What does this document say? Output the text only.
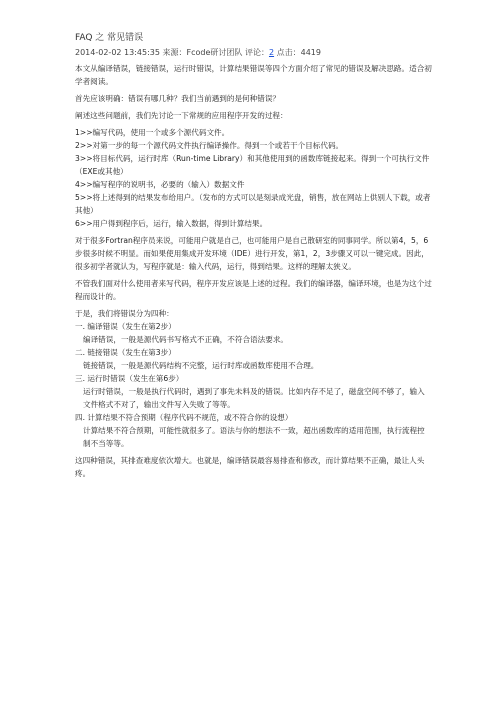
FAQ 之 常见错误
2014-02-02 13:45:35 来源：Fcode研讨团队 评论：2 点击：4419

本文从编译错误，链接错误，运行时错误，计算结果错误等四个方面介绍了常见的错误及解决思路。适合初学者阅读。

首先应该明确：错误有哪几种？我们当前遇到的是何种错误？

阐述这些问题前，我们先讨论一下常规的应用程序开发的过程：

1>>编写代码，使用一个或多个源代码文件。

2>>对第一步的每一个源代码文件执行编译操作。得到一个或若干个目标代码。

3>>将目标代码，运行时库（Run-time Library）和其他使用到的函数库链接起来。得到一个可执行文件（EXE或其他）

4>>编写程序的说明书，必要的（输入）数据文件

5>>将上述得到的结果发布给用户。（发布的方式可以是刻录成光盘，销售，放在网站上供别人下载，或者其他）

6>>用户得到程序后，运行，输入数据，得到计算结果。

对于很多Fortran程序员来说，可能用户就是自己，也可能用户是自己散研室的同事同学。所以第4，5，6步很多时候不明显。而如果使用集成开发环境（IDE）进行开发，第1，2，3步骤又可以一键完成。因此，很多初学者就认为，写程序就是：输入代码，运行，得到结果。这样的理解太狭义。

不管我们面对什么使用者来写代码，程序开发应该是上述的过程。我们的编译器，编译环境，也是为这个过程而设计的。

于是，我们将错误分为四种：

一. 编译错误（发生在第2步）

编译错误，一般是源代码书写格式不正确，不符合语法要求。

二. 链接错误（发生在第3步）

链接错误，一般是源代码结构不完整，运行时库或函数库使用不合理。

三. 运行时错误（发生在第6步）

运行时错误，一般是执行代码时，遇到了事先未料及的错误。比如内存不足了，磁盘空间不够了，输入文件格式不对了，输出文件写入失败了等等。

四. 计算结果不符合预期（程序代码不规范，或不符合你的设想）

计算结果不符合预期，可能性就很多了。语法与你的想法不一致，超出函数库的适用范围，执行流程控制不当等等。

这四种错误，其排查难度依次增大。也就是，编译错误最容易排查和修改，而计算结果不正确，最让人头疼。
